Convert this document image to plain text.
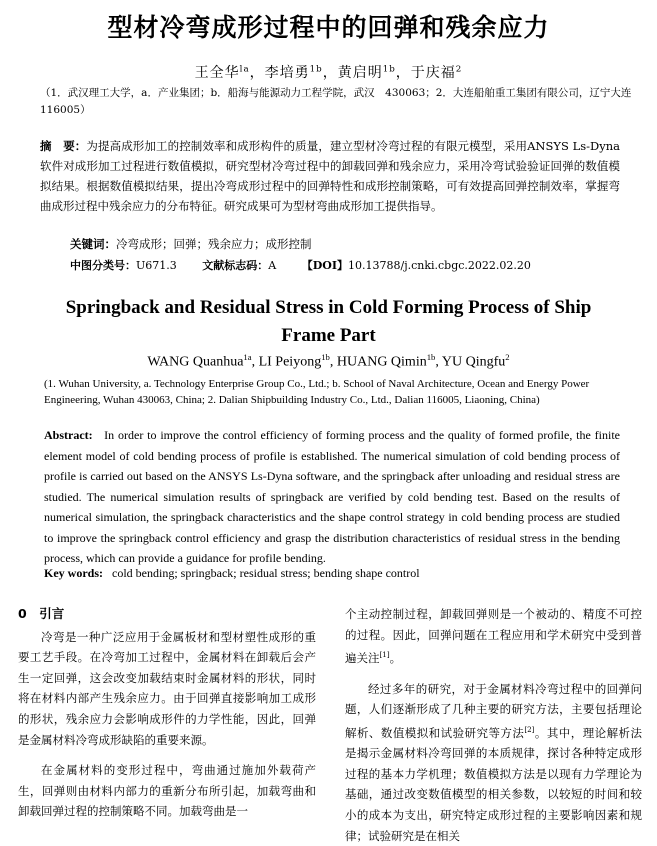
型材冷弯成形过程中的回弹和残余应力
王全华$^{la}$，李培勇$^{1b}$，黄启明$^{1b}$，于庆福$^2$
（1．武汉理工大学，a．产业集团；b．船海与能源动力工程学院，武汉　430063；2．大连船舶重工集团有限公司，辽宁大连　116005）
摘　要：为提高成形加工的控制效率和成形构件的质量，建立型材冷弯过程的有限元模型，采用ANSYS Ls-Dyna软件对成形加工过程进行数值模拟，研究型材冷弯过程中的卸载回弹和残余应力，采用冷弯试验验证回弹的数值模拟结果。根据数值模拟结果，提出冷弯成形过程中的回弹特性和成形控制策略，可有效提高回弹控制效率，掌握弯曲成形过程中残余应力的分布特征。研究成果可为型材弯曲成形加工提供指导。
关键词：冷弯成形；回弹；残余应力；成形控制
中图分类号：U671.3 文献标志码：A 【DOI】10.13788/j.cnki.cbgc.2022.02.20
Springback and Residual Stress in Cold Forming Process of Ship Frame Part
WANG Quanhua$^{1a}$, LI Peiyong$^{1b}$, HUANG Qimin$^{1b}$, YU Qingfu$^2$
(1. Wuhan University, a. Technology Enterprise Group Co., Ltd.; b. School of Naval Architecture, Ocean and Energy Power Engineering, Wuhan 430063, China; 2. Dalian Shipbuilding Industry Co., Ltd., Dalian 116005, Liaoning, China)
Abstract: In order to improve the control efficiency of forming process and the quality of formed profile, the finite element model of cold bending process of profile is established. The numerical simulation of cold bending process of profile is carried out based on the ANSYS Ls-Dyna software, and the springback after unloading and residual stress are studied. The numerical simulation results of springback are verified by cold bending test. Based on the results of numerical simulation, the springback characteristics and the shape control strategy in cold bending process are studied to improve the springback control efficiency and grasp the distribution characteristics of residual stress in the bending process, which can provide a guidance for profile bending.
Key words: cold bending; springback; residual stress; bending shape control
0　引言

冷弯是一种广泛应用于金属板材和型材塑性成形的重要工艺手段。在冷弯加工过程中，金属材料在卸载后会产生一定回弹，这会改变加载结束时金属材料的形状，同时将在材料内部产生残余应力。由于回弹直接影响加工成形的形状，残余应力会影响成形件的力学性能，因此，回弹是金属材料冷弯成形缺陷的重要来源。

在金属材料的变形过程中，弯曲通过施加外载荷产生，回弹则由材料内部力的重新分布所引起，加载弯曲和卸载回弹过程的控制策略不同。加载弯曲是一

个主动控制过程，卸载回弹则是一个被动的、精度不可控的过程。因此，回弹问题在工程应用和学术研究中受到普遍关注[1]。

经过多年的研究，对于金属材料冷弯过程中的回弹问题，人们逐渐形成了几种主要的研究方法，主要包括理论解析、数值模拟和试验研究等方法[2]。其中，理论解析法是揭示金属材料冷弯回弹的本质规律，探讨各种特定成形过程的基本力学机理；数值模拟方法是以现有力学理论为基础，通过改变数值模型的相关参数，以较短的时间和较小的成本为支出，研究特定成形过程的主要影响因素和规律；试验研究是在相关
